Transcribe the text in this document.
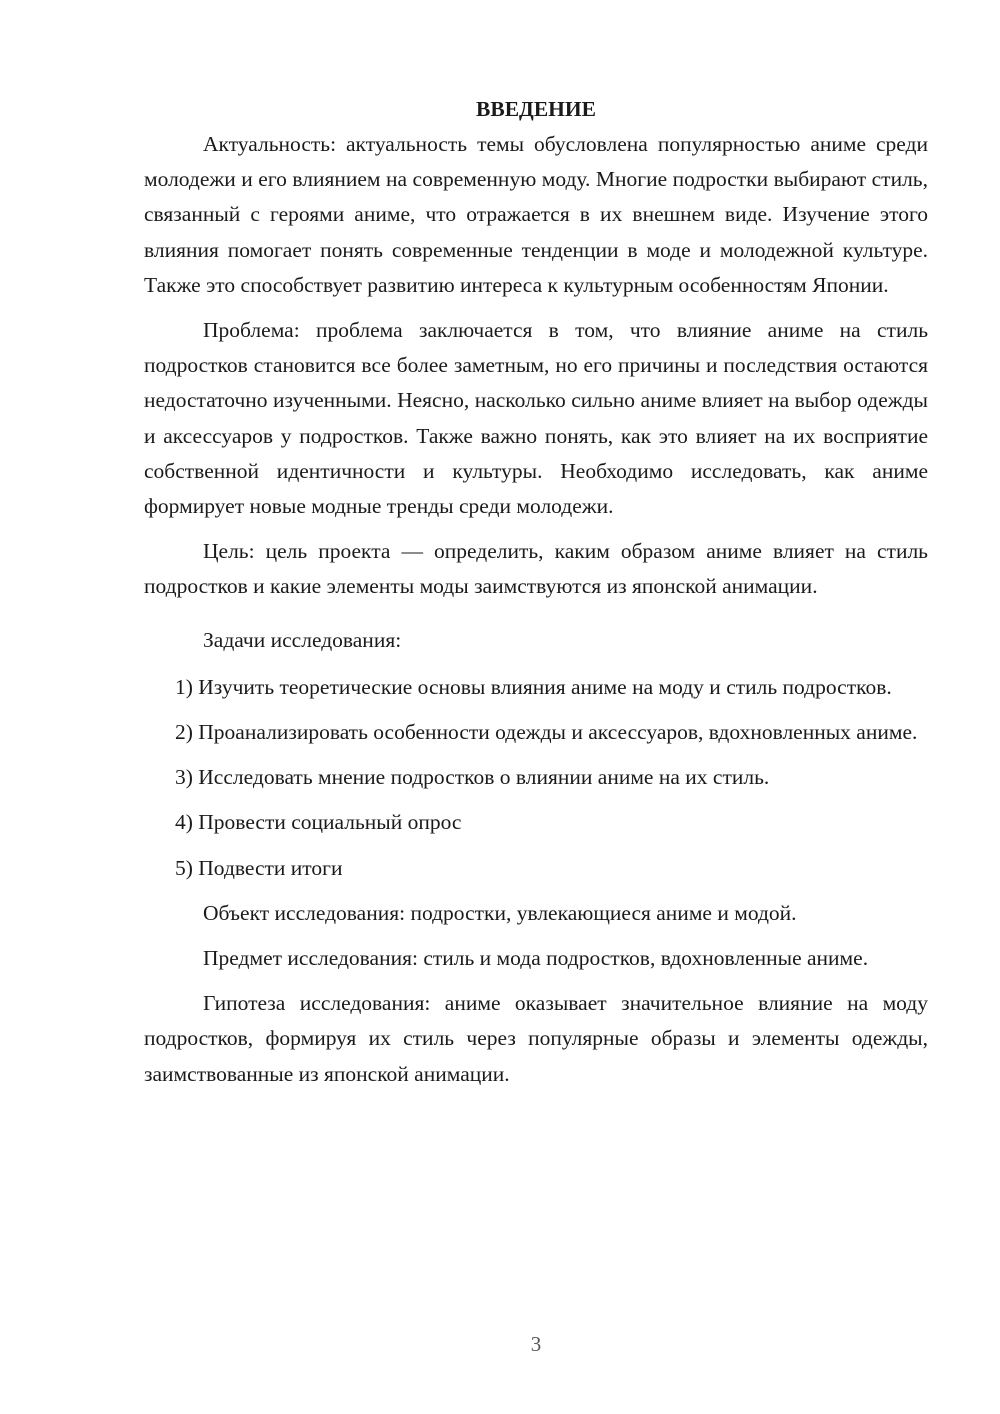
ВВЕДЕНИЕ

Актуальность: актуальность темы обусловлена популярностью аниме среди молодежи и его влиянием на современную моду. Многие подростки выбирают стиль, связанный с героями аниме, что отражается в их внешнем виде. Изучение этого влияния помогает понять современные тенденции в моде и молодежной культуре. Также это способствует развитию интереса к культурным особенностям Японии.

Проблема: проблема заключается в том, что влияние аниме на стиль подростков становится все более заметным, но его причины и последствия остаются недостаточно изученными. Неясно, насколько сильно аниме влияет на выбор одежды и аксессуаров у подростков. Также важно понять, как это влияет на их восприятие собственной идентичности и культуры. Необходимо исследовать, как аниме формирует новые модные тренды среди молодежи.

Цель: цель проекта — определить, каким образом аниме влияет на стиль подростков и какие элементы моды заимствуются из японской анимации.

Задачи исследования:

1) Изучить теоретические основы влияния аниме на моду и стиль подростков.

2) Проанализировать особенности одежды и аксессуаров, вдохновленных аниме.

3) Исследовать мнение подростков о влиянии аниме на их стиль.

4) Провести социальный опрос

5) Подвести итоги

Объект исследования: подростки, увлекающиеся аниме и модой.

Предмет исследования: стиль и мода подростков, вдохновленные аниме.

Гипотеза исследования: аниме оказывает значительное влияние на моду подростков, формируя их стиль через популярные образы и элементы одежды, заимствованные из японской анимации.

3
